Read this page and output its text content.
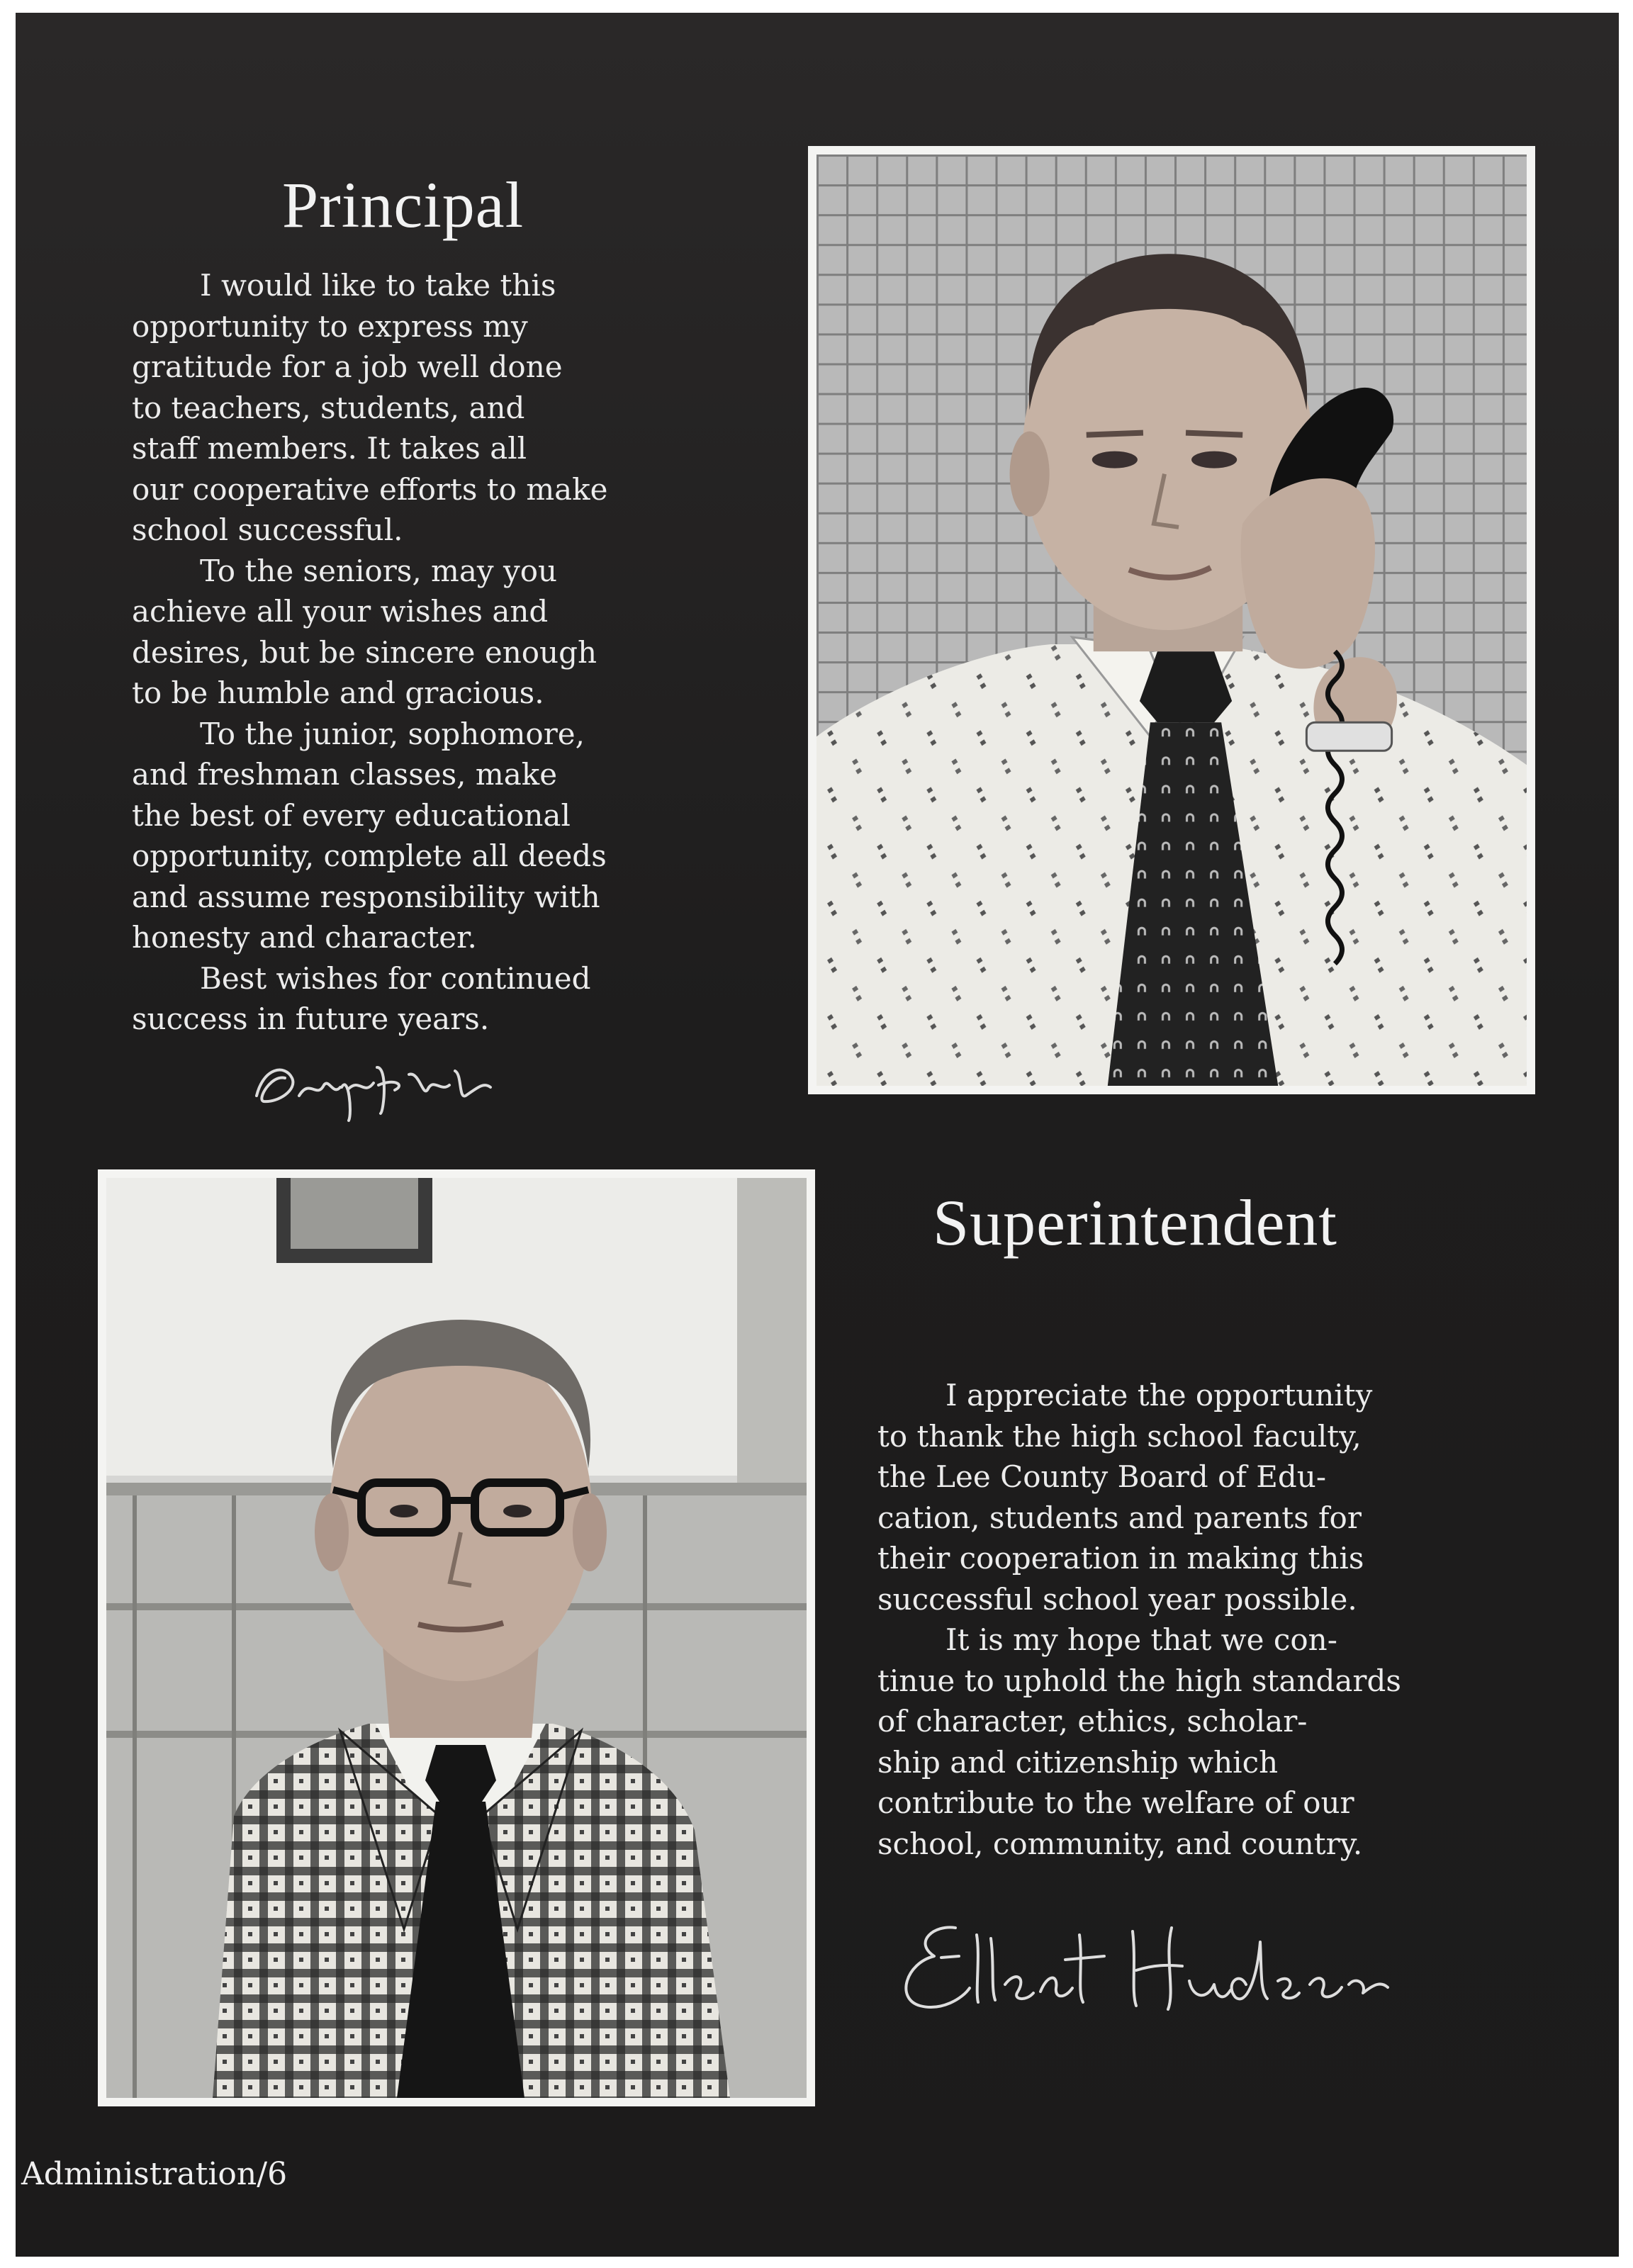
Principal

I would like to take this

opportunity to express my

gratitude for a job well done

to teachers, students, and

staff members. It takes all

our cooperative efforts to make

school successful.

To the seniors, may you

achieve all your wishes and

desires, but be sincere enough

to be humble and gracious.

To the junior, sophomore,

and freshman classes, make

the best of every educational

opportunity, complete all deeds

and assume responsibility with

honesty and character.

Best wishes for continued

success in future years.

Superintendent

I appreciate the opportunity

to thank the high school faculty,

the Lee County Board of Edu-

cation, students and parents for

their cooperation in making this

successful school year possible.

It is my hope that we con-

tinue to uphold the high standards

of character, ethics, scholar-

ship and citizenship which

contribute to the welfare of our

school, community, and country.

Administration/6
